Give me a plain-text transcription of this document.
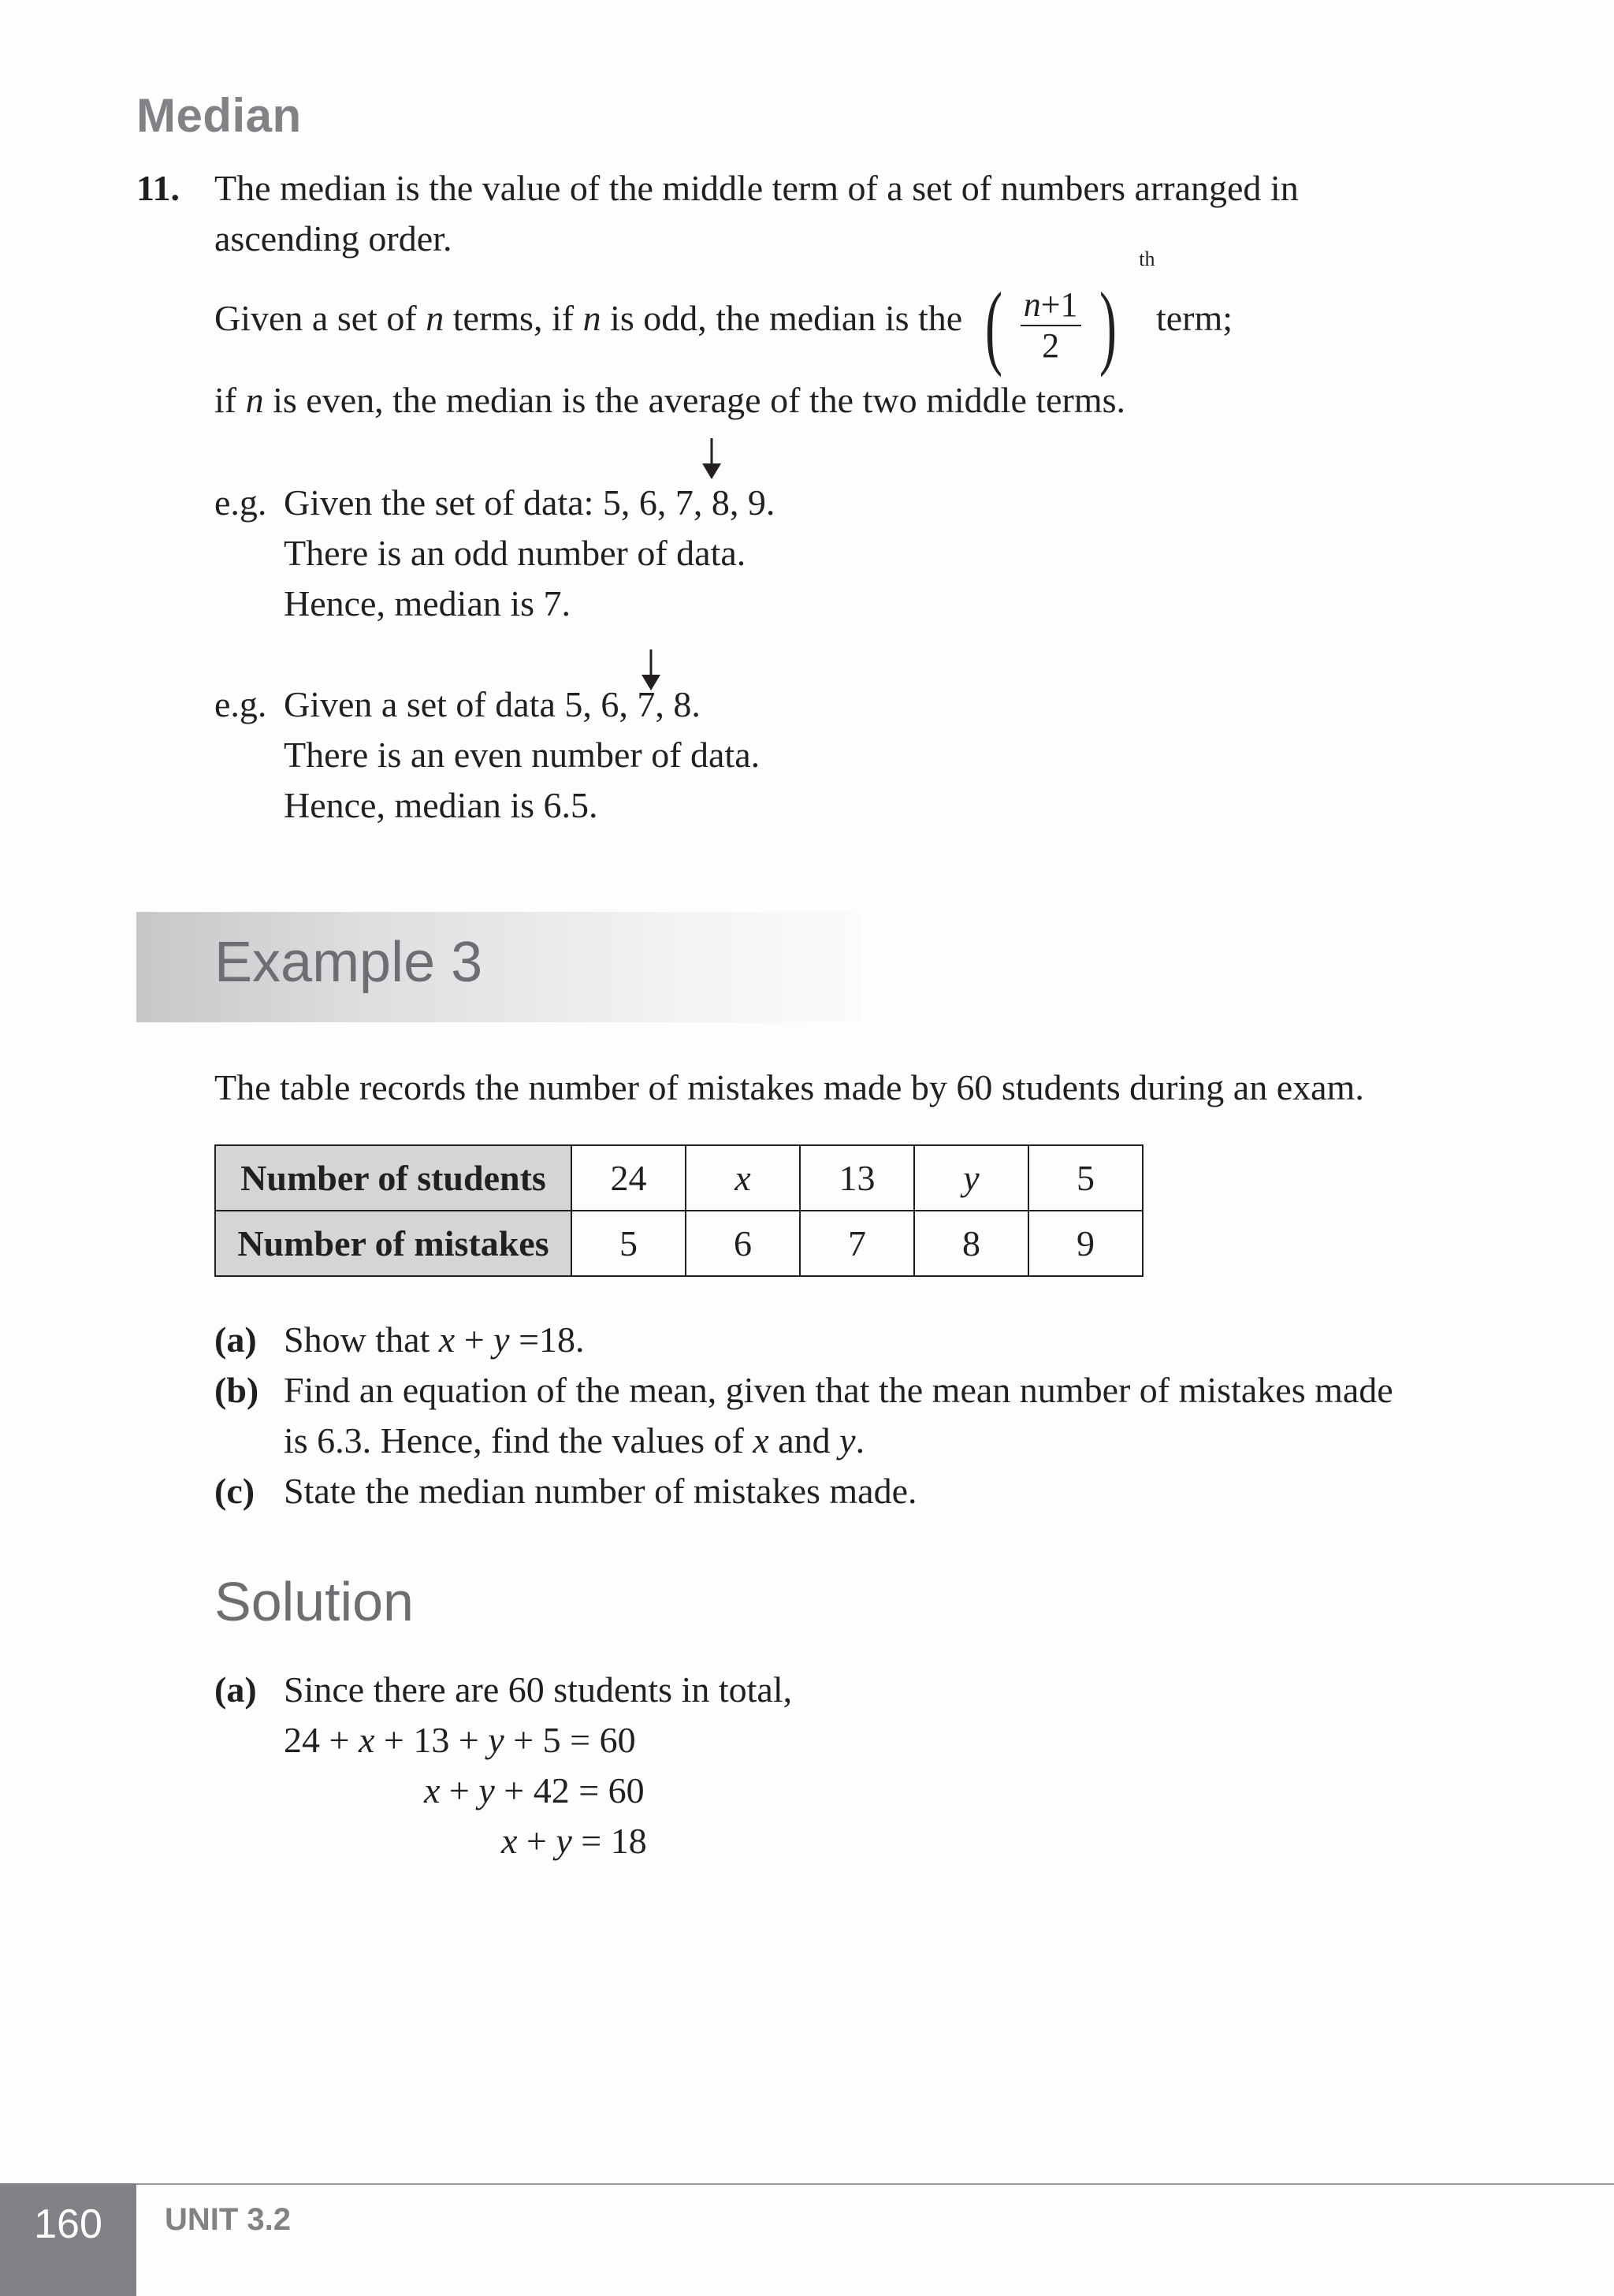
Median
11. The median is the value of the middle term of a set of numbers arranged in
ascending order.
Given a set of n terms, if n is odd, the median is the ( $\frac{n+1}{2}$ )
th
term;
if n is even, the median is the average of the two middle terms.
e.g. Given the set of data: 5, 6, 7, 8, 9.
There is an odd number of data.
Hence, median is 7.
e.g. Given a set of data 5, 6, 7, 8.
There is an even number of data.
Hence, median is 6.5.
Example 3
The table records the number of mistakes made by 60 students during an exam.
Number of students	24	x	13	y	5
Number of mistakes	5	6	7	8	9
(a) Show that x + y =18.
(b) Find an equation of the mean, given that the mean number of mistakes made
is 6.3. Hence, find the values of x and y.
(c) State the median number of mistakes made.
Solution
(a) Since there are 60 students in total,
24 + x + 13 + y + 5 = 60
x + y + 42 = 60
x + y = 18
160	UNIT 3.2
